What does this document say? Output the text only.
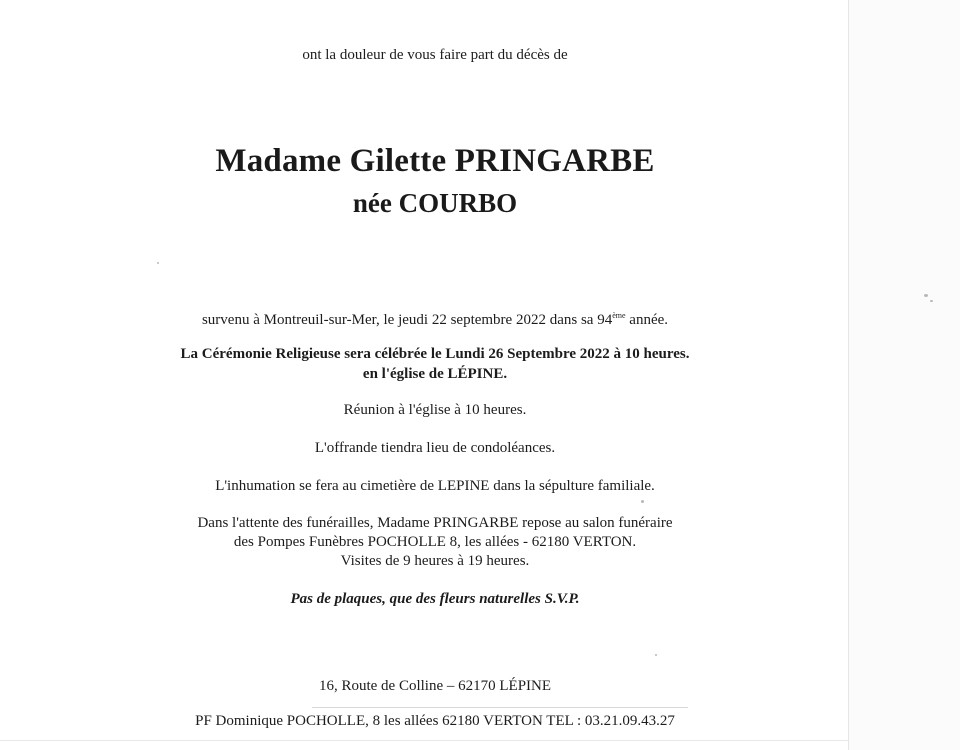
ont la douleur de vous faire part du décès de
Madame Gilette PRINGARBE
née COURBO
survenu à Montreuil-sur-Mer, le jeudi 22 septembre 2022 dans sa 94ème année.
La Cérémonie Religieuse sera célébrée le Lundi 26 Septembre 2022 à 10 heures.
en l'église de LÉPINE.
Réunion à l'église à 10 heures.
L'offrande tiendra lieu de condoléances.
L'inhumation se fera au cimetière de LEPINE dans la sépulture familiale.
Dans l'attente des funérailles, Madame PRINGARBE repose au salon funéraire
des Pompes Funèbres POCHOLLE 8, les allées - 62180 VERTON.
Visites de 9 heures à 19 heures.
Pas de plaques, que des fleurs naturelles S.V.P.
16, Route de Colline – 62170 LÉPINE
PF Dominique POCHOLLE, 8 les allées 62180 VERTON TEL : 03.21.09.43.27
